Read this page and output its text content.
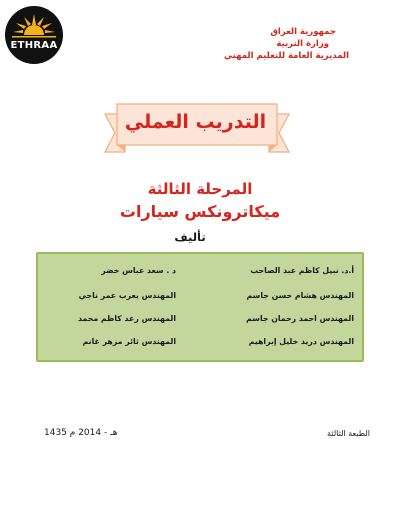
ETHRAA
جمهورية العراق
وزارة التربية
المديرية العامة للتعليم المهني
التدريب العملي
المرحلة الثالثة
ميكاترونكس سيارات
تأليف
أ.د. نبيل كاظم عبد الصاحب
د . سعد عباس خضر
المهندس هشام حسن جاسم
المهندس يعرب عمر ناجي
المهندس احمد رحمان جاسم
المهندس رعد كاظم محمد
المهندس دريد خليل إبراهيم
المهندس ثائر مزهر غانم
الطبعة الثالثة
1435 هـ - 2014 م
